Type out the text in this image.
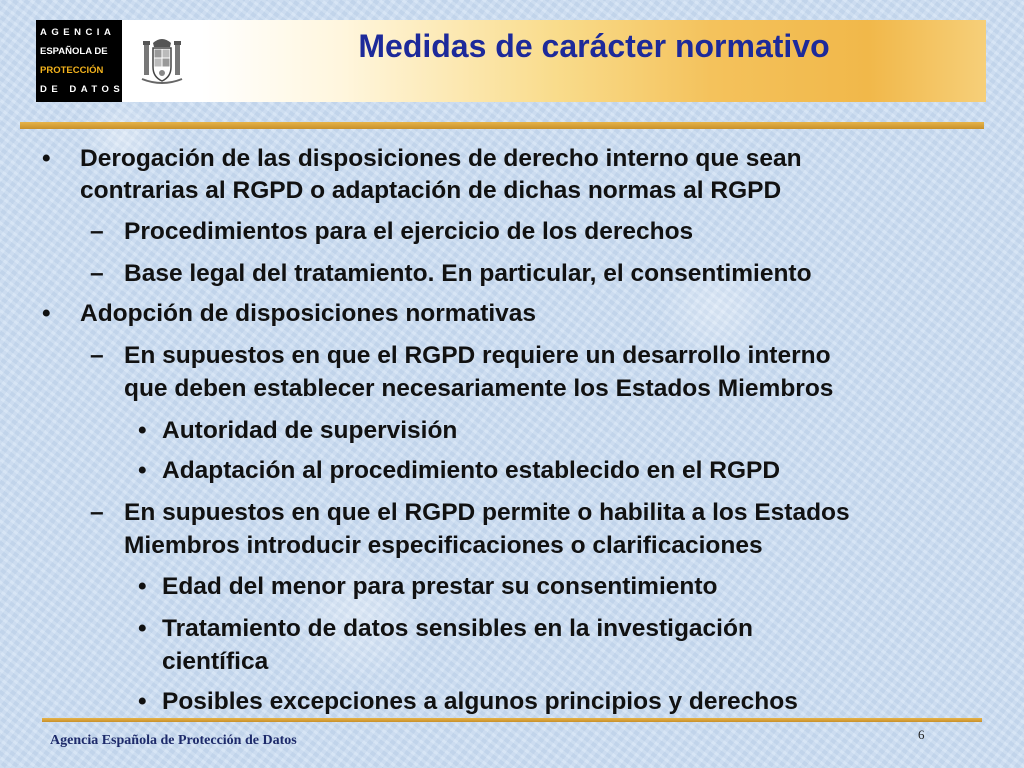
AGENCIA
ESPAÑOLA DE
PROTECCIÓN
DE DATOS
Medidas de carácter normativo
• Derogación de las disposiciones de derecho interno que sean

contrarias al RGPD o adaptación de dichas normas al RGPD

– Procedimientos para el ejercicio de los derechos

– Base legal del tratamiento. En particular, el consentimiento

• Adopción de disposiciones normativas

– En supuestos en que el RGPD requiere un desarrollo interno

que deben establecer necesariamente los Estados Miembros

• Autoridad de supervisión

• Adaptación al procedimiento establecido en el RGPD

– En supuestos en que el RGPD permite o habilita a los Estados

Miembros introducir especificaciones o clarificaciones

• Edad del menor para prestar su consentimiento

• Tratamiento de datos sensibles en la investigación

científica

• Posibles excepciones a algunos principios y derechos

Agencia Española de Protección de Datos	6
